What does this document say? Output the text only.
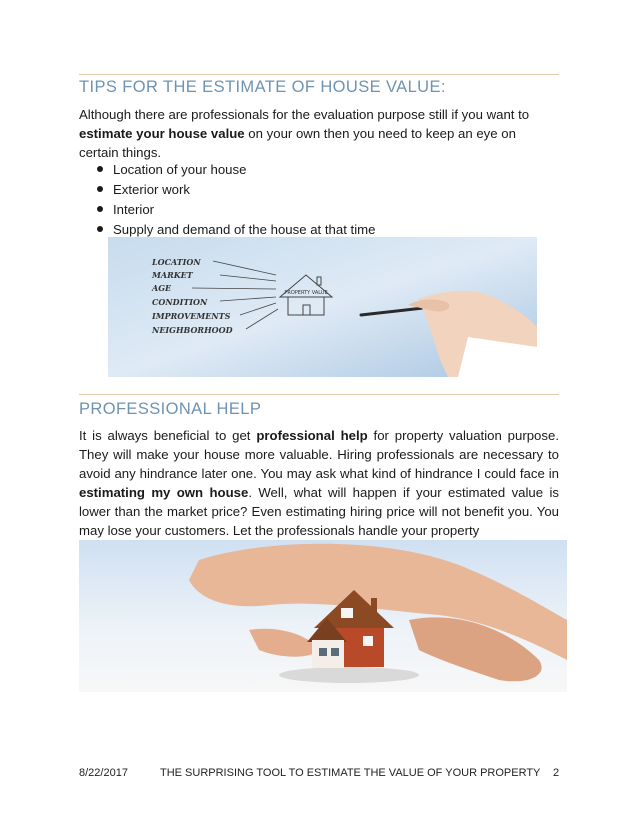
TIPS FOR THE ESTIMATE OF HOUSE VALUE:

Although there are professionals for the evaluation purpose still if you want to estimate your house value on your own then you need to keep an eye on certain things.

Location of your house
Exterior work
Interior
Supply and demand of the house at that time
LOCATION
MARKET
AGE
CONDITION
IMPROVEMENTS
NEIGHBORHOOD
PROPERTY VALUE
PROFESSIONAL HELP

It is always beneficial to get professional help for property valuation purpose. They will make your house more valuable. Hiring professionals are necessary to avoid any hindrance later one. You may ask what kind of hindrance I could face in estimating my own house. Well, what will happen if your estimated value is lower than the market price? Even estimating hiring price will not benefit you. You may lose your customers. Let the professionals handle your property

8/22/2017	THE SURPRISING TOOL TO ESTIMATE THE VALUE OF YOUR PROPERTY 2
